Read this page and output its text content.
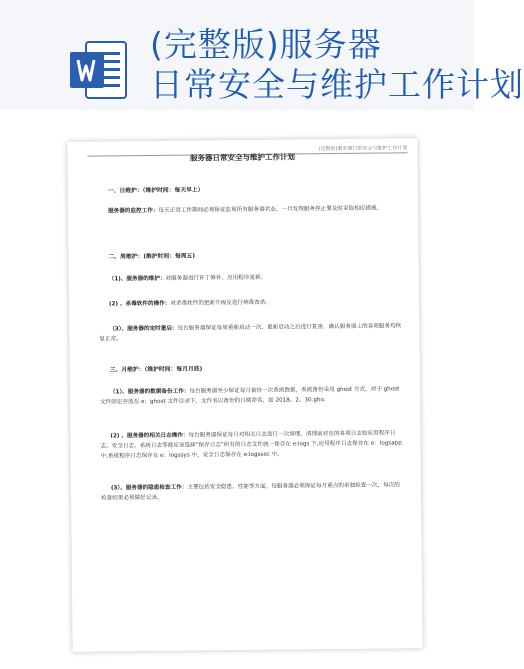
(完整版)服务器
日常安全与维护工作计划
(完整版)服务器日常安全与维护工作计划
服务器日常安全与维护工作计划
一、日维护：（维护时间：每天早上）
服务器的监控工作：每天正常工作期间必须保证监视所有服务器状态，一旦发现服务停止要及时采取相应措施.
二、周维护：(维护时间：每周五)
（1)、服务器的维护：对服务器进行补丁修补、应用程序更新。
(2) 、杀毒软件的操作：对杀毒软件的更新升级及进行病毒查杀。
（3）、服务器的定时重启：每台服务器保证每周重新启动一次，重新启动之后进行复查，确认服务器上的各项服务均恢复正常。
三、月维护：（维护时间：每月月底)
（1）、服务器的数据备份工作：每台服务器至少保证每月备份一次系统数据，系统备份采用 ghost 方式，对于 ghost 文件固定存放在 e：ghost 文件目录下，文件名以备份的日期命名，如 2018。2。30.gho.
(2) 、服务器的相关日志操作：每台服务器保证每月对相关日志进行一次清理，清理前对应的各项日志如应用程序日志、安全日志、系统日志等都应该选择“保存日志”所有的日志文件统一保存在 e:logs 下,应用程序日志保存在 e：logsapp 中,系统程序日志保存在 e：logssys 中，安全日志保存在 e:logssec 中。
(3）、服务器的隐患检查工作：主要包括安全隐患、性能等方面，每服务器必须保证每月重点的单独检查一次，每次的检查结果必须做好记录。
